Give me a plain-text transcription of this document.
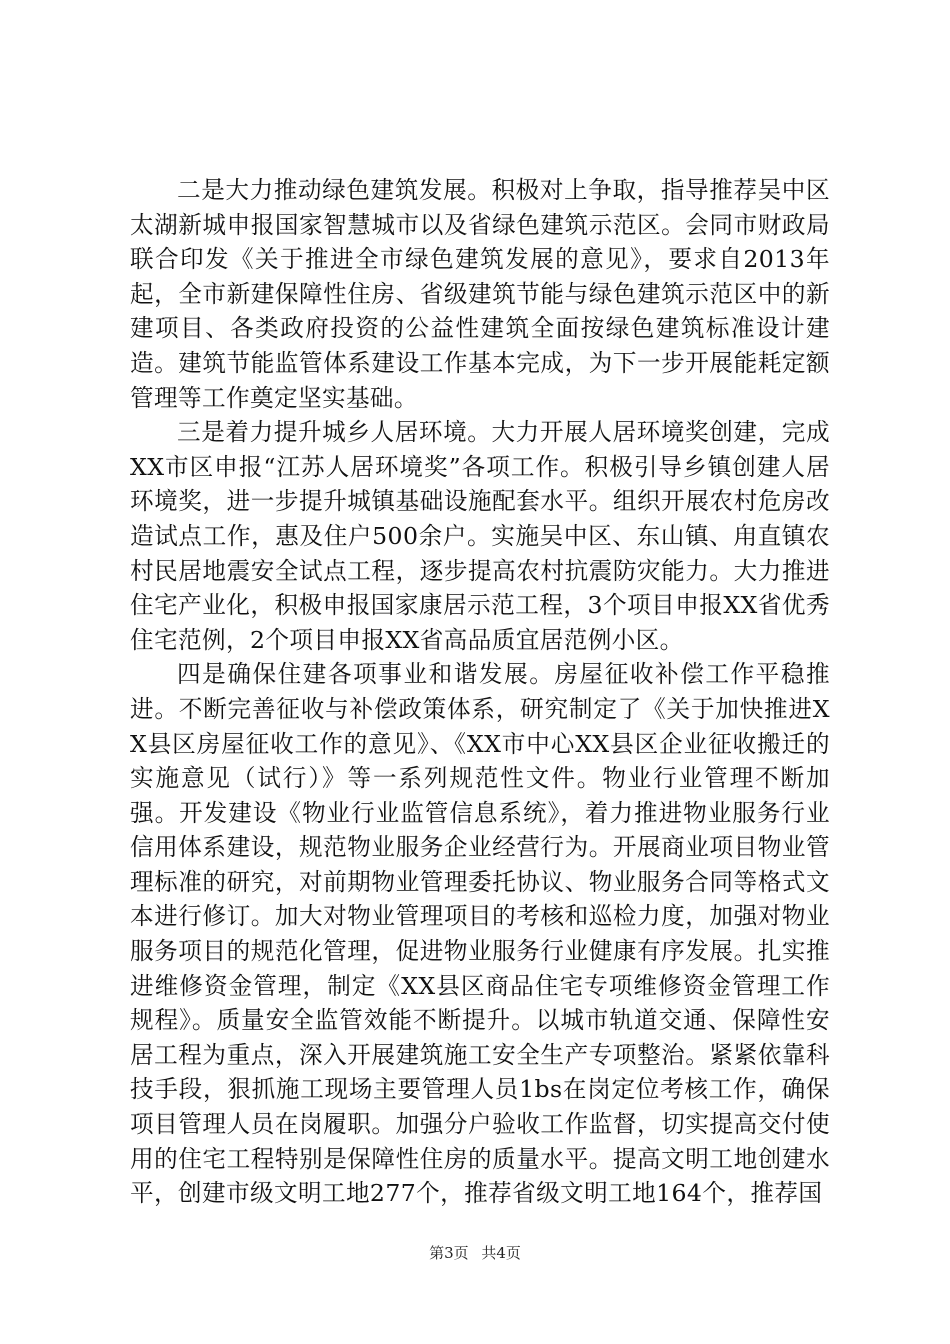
二是大力推动绿色建筑发展。积极对上争取，指导推荐吴中区太湖新城申报国家智慧城市以及省绿色建筑示范区。会同市财政局联合印发《关于推进全市绿色建筑发展的意见》，要求自2013年起，全市新建保障性住房、省级建筑节能与绿色建筑示范区中的新建项目、各类政府投资的公益性建筑全面按绿色建筑标准设计建造。建筑节能监管体系建设工作基本完成，为下一步开展能耗定额管理等工作奠定坚实基础。

三是着力提升城乡人居环境。大力开展人居环境奖创建，完成XX市区申报“江苏人居环境奖”各项工作。积极引导乡镇创建人居环境奖，进一步提升城镇基础设施配套水平。组织开展农村危房改造试点工作，惠及住户500余户。实施吴中区、东山镇、甪直镇农村民居地震安全试点工程，逐步提高农村抗震防灾能力。大力推进住宅产业化，积极申报国家康居示范工程，3个项目申报XX省优秀住宅范例，2个项目申报XX省高品质宜居范例小区。

四是确保住建各项事业和谐发展。房屋征收补偿工作平稳推进。不断完善征收与补偿政策体系，研究制定了《关于加快推进XX县区房屋征收工作的意见》、《XX市中心XX县区企业征收搬迁的实施意见（试行）》等一系列规范性文件。物业行业管理不断加强。开发建设《物业行业监管信息系统》，着力推进物业服务行业信用体系建设，规范物业服务企业经营行为。开展商业项目物业管理标准的研究，对前期物业管理委托协议、物业服务合同等格式文本进行修订。加大对物业管理项目的考核和巡检力度，加强对物业服务项目的规范化管理，促进物业服务行业健康有序发展。扎实推进维修资金管理，制定《XX县区商品住宅专项维修资金管理工作规程》。质量安全监管效能不断提升。以城市轨道交通、保障性安居工程为重点，深入开展建筑施工安全生产专项整治。紧紧依靠科技手段，狠抓施工现场主要管理人员1bs在岗定位考核工作，确保项目管理人员在岗履职。加强分户验收工作监督，切实提高交付使用的住宅工程特别是保障性住房的质量水平。提高文明工地创建水平，创建市级文明工地277个，推荐省级文明工地164个，推荐国

第3页 共4页
